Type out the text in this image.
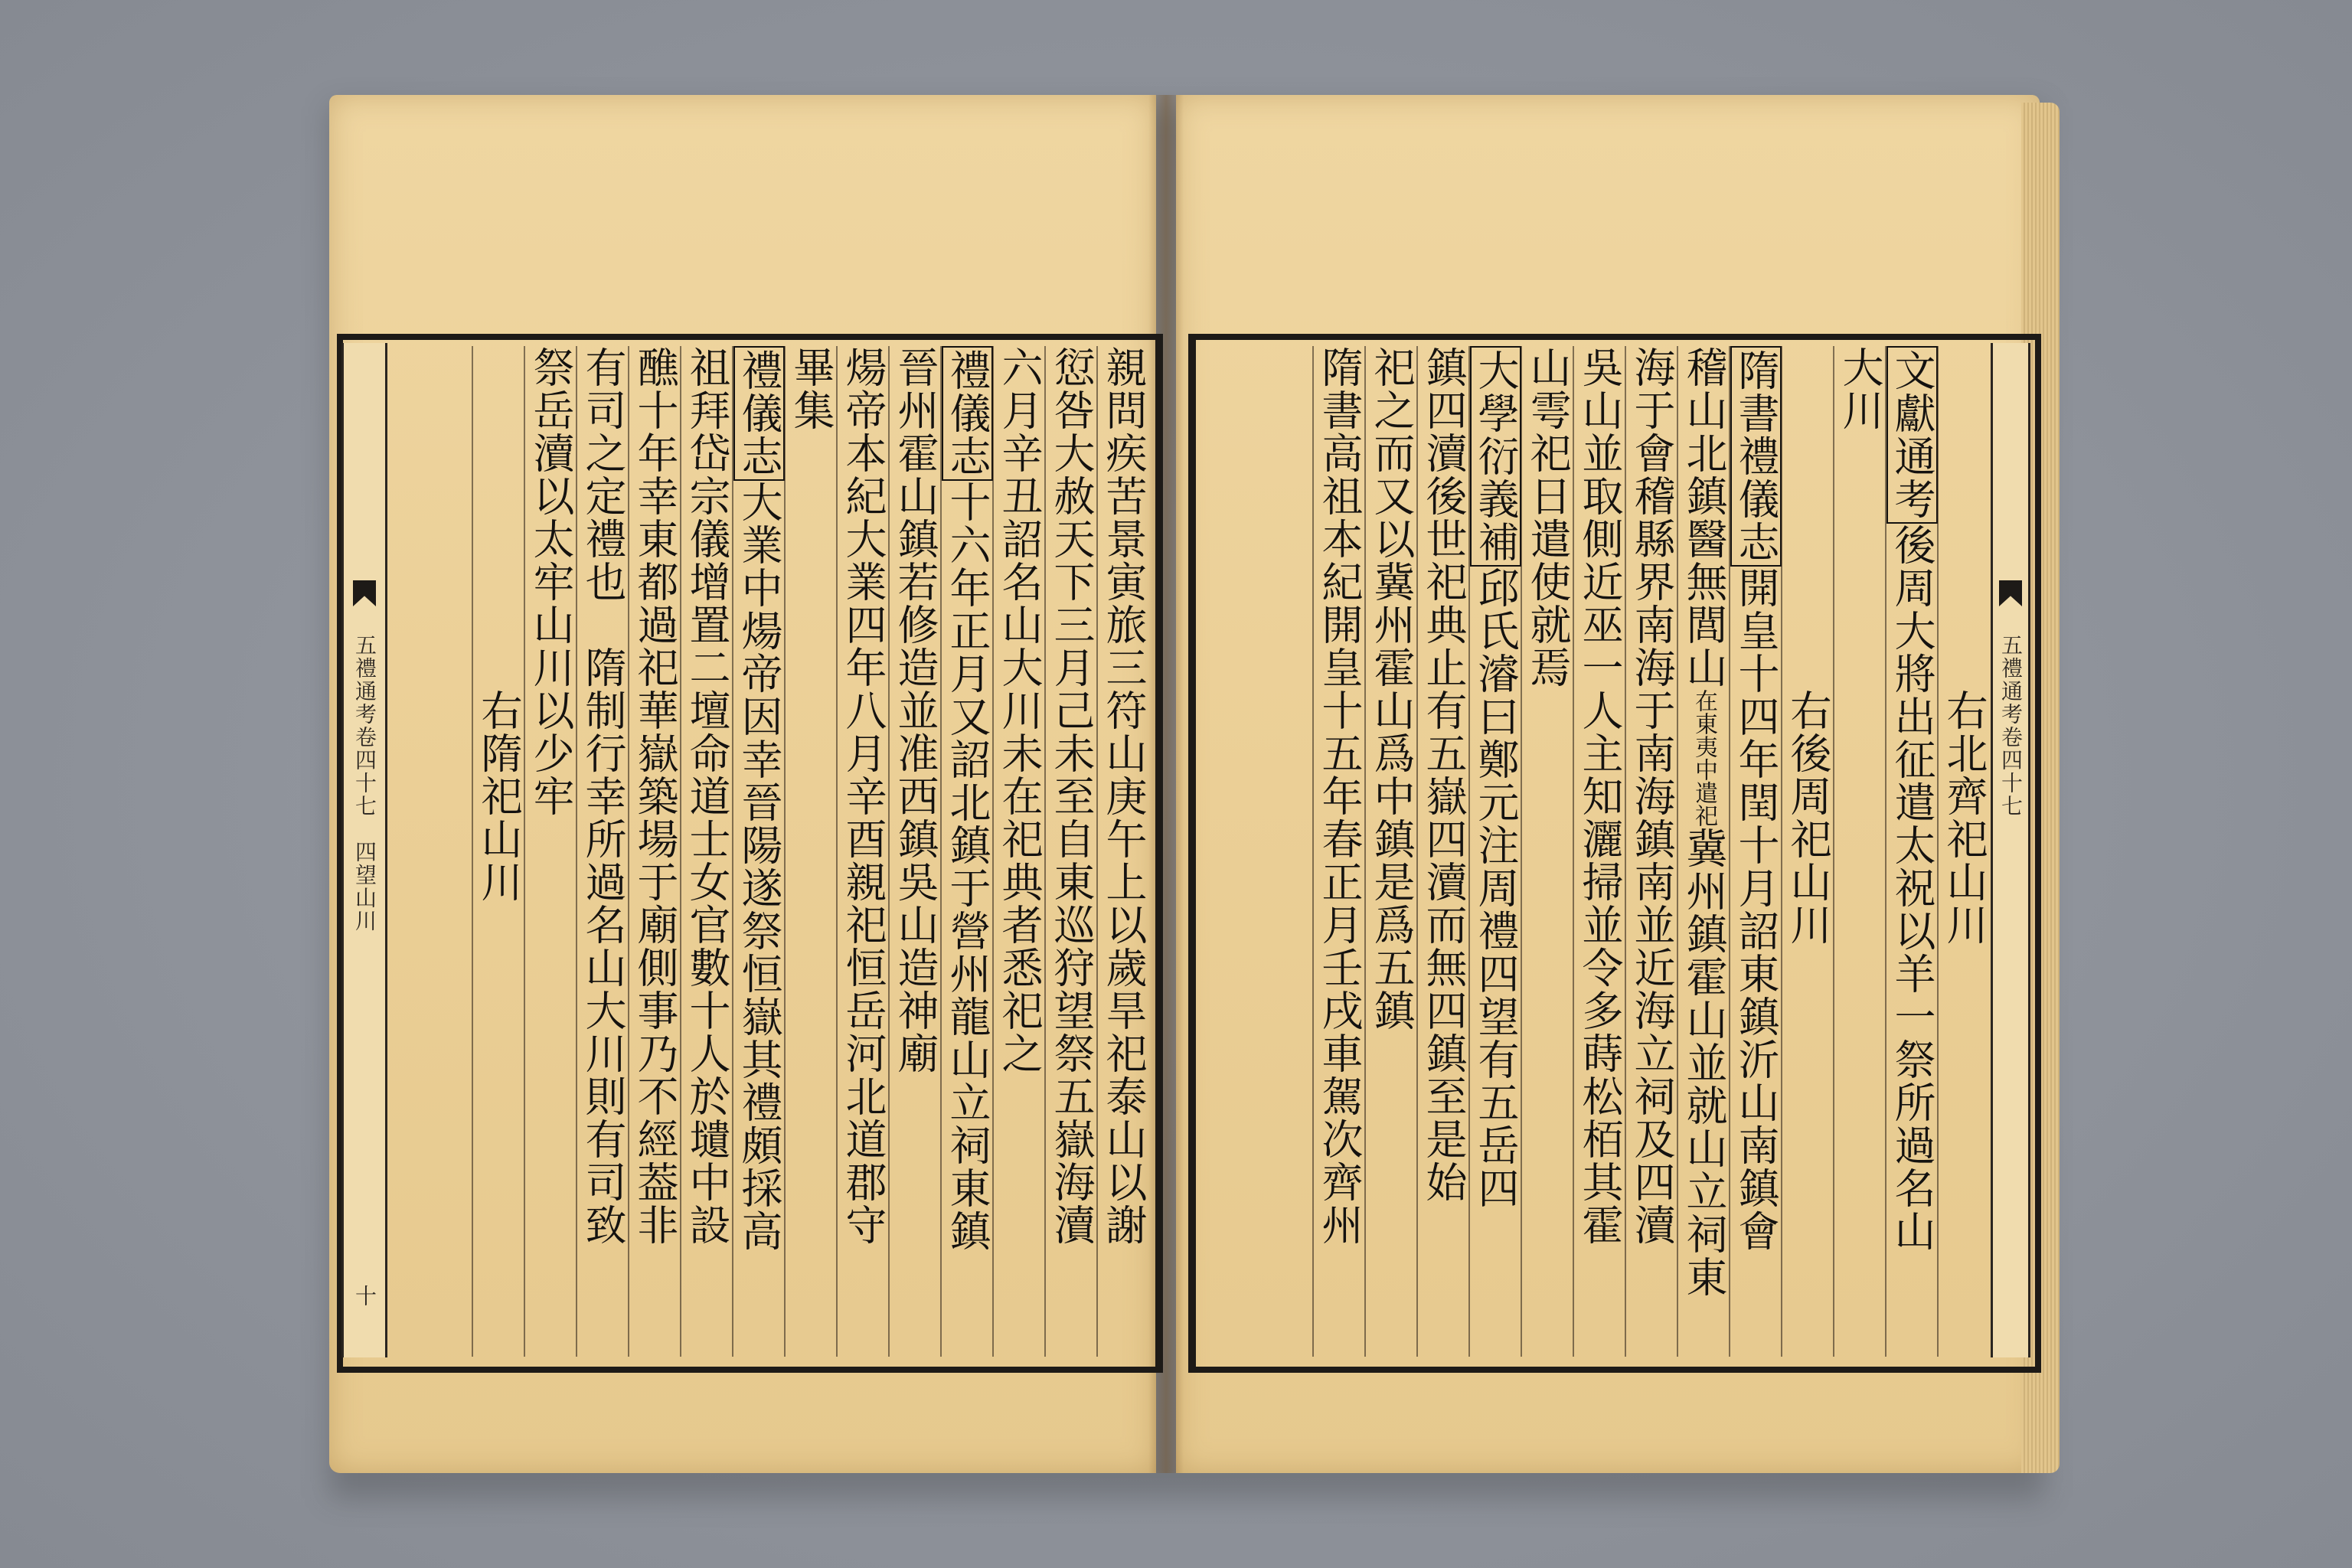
五禮通考卷四十七　四望山川
十
五禮通考卷四十七
親問疾苦景寅旅三符山庚午上以歲旱祀泰山以謝
愆咎大赦天下三月己未至自東巡狩望祭五嶽海瀆
六月辛丑詔名山大川未在祀典者悉祀之
禮儀志十六年正月又詔北鎮于營州龍山立祠東鎮
晉州霍山鎮若修造並准西鎮吳山造神廟
煬帝本紀大業四年八月辛酉親祀恒岳河北道郡守
畢集
禮儀志大業中煬帝因幸晉陽遂祭恒嶽其禮頗採高
祖拜岱宗儀增置二壇命道士女官數十人於壝中設
醮十年幸東都過祀華嶽築場于廟側事乃不經葢非
有司之定禮也　隋制行幸所過名山大川則有司致
祭岳瀆以太牢山川以少牢
　　　　　　　　右隋祀山川	　　　　　　　　右北齊祀山川
文獻通考後周大將出征遣太祝以羊一祭所過名山
大川
　　　　　　　　右後周祀山川
隋書禮儀志開皇十四年閏十月詔東鎮沂山南鎮會
稽山北鎮醫無閭山在東夷中遣祀冀州鎮霍山並就山立祠東
海于會稽縣界南海于南海鎮南並近海立祠及四瀆
吳山並取側近巫一人主知灑掃並令多蒔松栢其霍
山雩祀日遣使就焉
大學衍義補邱氏濬曰鄭元注周禮四望有五岳四
鎮四瀆後世祀典止有五嶽四瀆而無四鎮至是始
祀之而又以冀州霍山爲中鎮是爲五鎮
隋書高祖本紀開皇十五年春正月壬戌車駕次齊州
